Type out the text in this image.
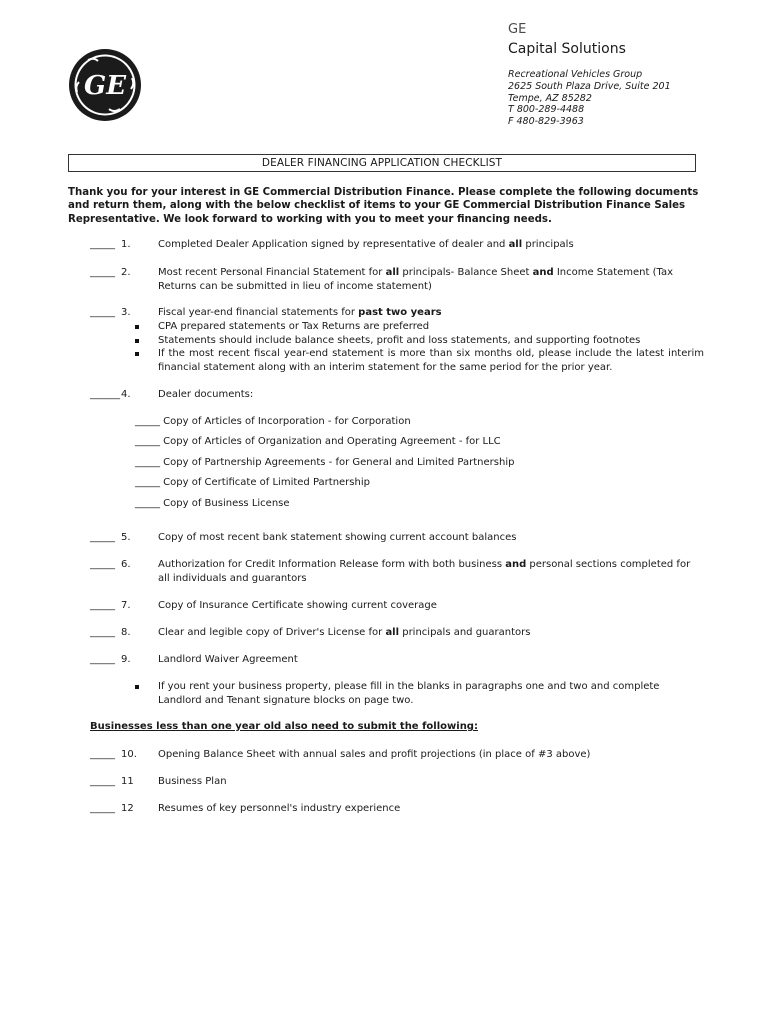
GE
GE
Capital Solutions
Recreational Vehicles Group
2625 South Plaza Drive, Suite 201
Tempe, AZ 85282
T 800-289-4488
F 480-829-3963
DEALER FINANCING APPLICATION CHECKLIST
Thank you for your interest in GE Commercial Distribution Finance. Please complete the following documents and return them, along with the below checklist of items to your GE Commercial Distribution Finance Sales Representative. We look forward to working with you to meet your financing needs.
_____ 1.	Completed Dealer Application signed by representative of dealer and all principals
_____ 2.	Most recent Personal Financial Statement for all principals- Balance Sheet and Income Statement (Tax Returns can be submitted in lieu of income statement)
_____ 3.	Fiscal year-end financial statements for past two years
CPA prepared statements or Tax Returns are preferred
Statements should include balance sheets, profit and loss statements, and supporting footnotes
If the most recent fiscal year-end statement is more than six months old, please include the latest interim financial statement along with an interim statement for the same period for the prior year.
______ 4.	Dealer documents:
_____ Copy of Articles of Incorporation - for Corporation
_____ Copy of Articles of Organization and Operating Agreement - for LLC
_____ Copy of Partnership Agreements - for General and Limited Partnership
_____ Copy of Certificate of Limited Partnership
_____ Copy of Business License
_____ 5.	Copy of most recent bank statement showing current account balances
_____ 6.	Authorization for Credit Information Release form with both business and personal sections completed for all individuals and guarantors
_____ 7.	Copy of Insurance Certificate showing current coverage
_____ 8.	Clear and legible copy of Driver's License for all principals and guarantors
_____ 9.	Landlord Waiver Agreement
If you rent your business property, please fill in the blanks in paragraphs one and two and complete Landlord and Tenant signature blocks on page two.
Businesses less than one year old also need to submit the following:
_____ 10. Opening Balance Sheet with annual sales and profit projections (in place of #3 above)
_____ 11 Business Plan
_____ 12 Resumes of key personnel's industry experience
